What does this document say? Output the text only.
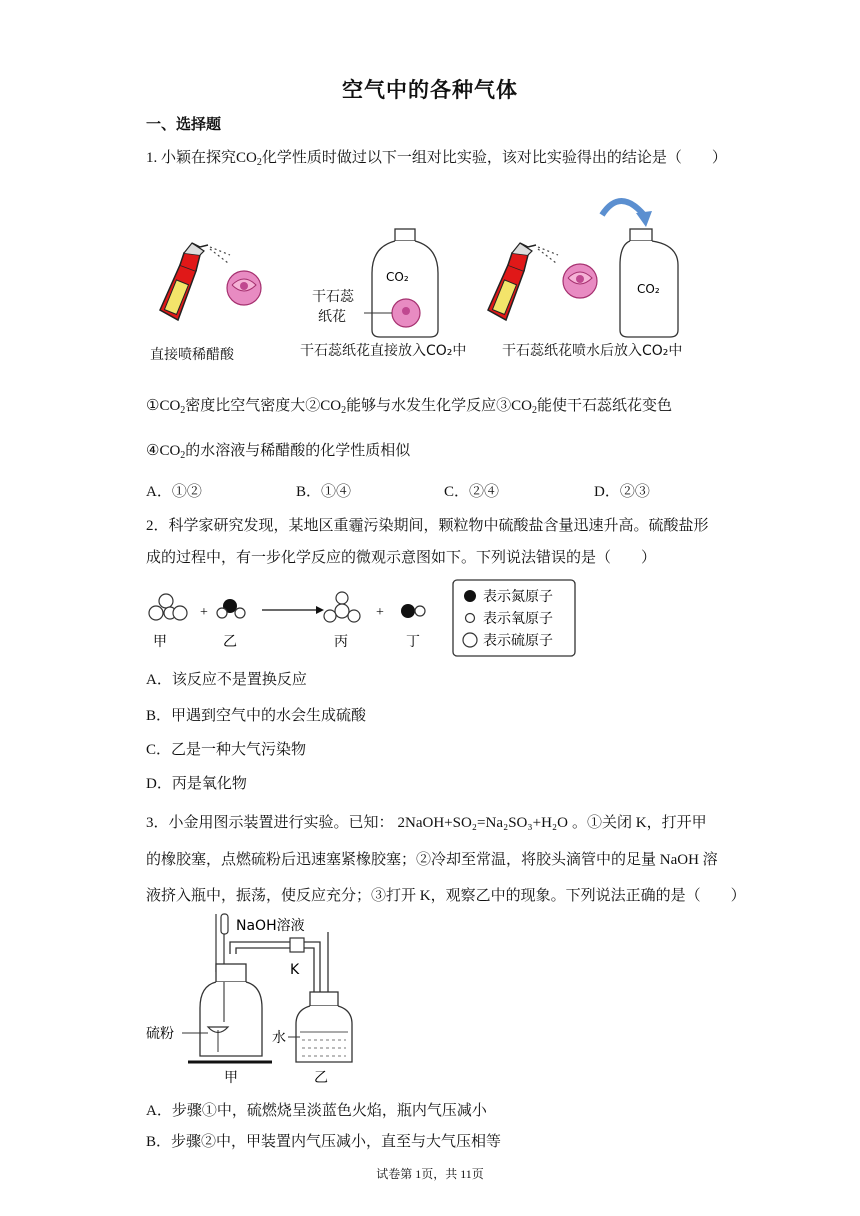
空气中的各种气体
一、选择题
1. 小颖在探究$CO_2$化学性质时做过以下一组对比实验，该对比实验得出的结论是（　　）
直接喷稀醋酸
CO₂
干石蕊
纸花
干石蕊纸花直接放入CO₂中
CO₂
干石蕊纸花喷水后放入CO₂中
$①CO_2$密度比空气密度大$②CO_2$能够与水发生化学反应$③CO_2$能使干石蕊纸花变色
$④CO_2$的水溶液与稀醋酸的化学性质相似
A．①②	B．①④	C．②④	D．②③
2．科学家研究发现，某地区重霾污染期间，颗粒物中硫酸盐含量迅速升高。硫酸盐形
成的过程中，有一步化学反应的微观示意图如下。下列说法错误的是（　　）
+	+
甲	乙	丙	丁
表示氮原子
表示氧原子
表示硫原子
A．该反应不是置换反应
B．甲遇到空气中的水会生成硫酸
C．乙是一种大气污染物
D．丙是氧化物
3．小金用图示装置进行实验。已知： 2NaOH+SO₂=Na₂SO₃+H₂O 。①关闭 K，打开甲
的橡胶塞，点燃硫粉后迅速塞紧橡胶塞；②冷却至常温，将胶头滴管中的足量 NaOH 溶
液挤入瓶中，振荡，使反应充分；③打开 K，观察乙中的现象。下列说法正确的是（　　）
NaOH溶液
K
硫粉	水
甲	乙
A．步骤①中，硫燃烧呈淡蓝色火焰，瓶内气压减小
B．步骤②中，甲装置内气压减小，直至与大气压相等
试卷第 1页，共 11页
